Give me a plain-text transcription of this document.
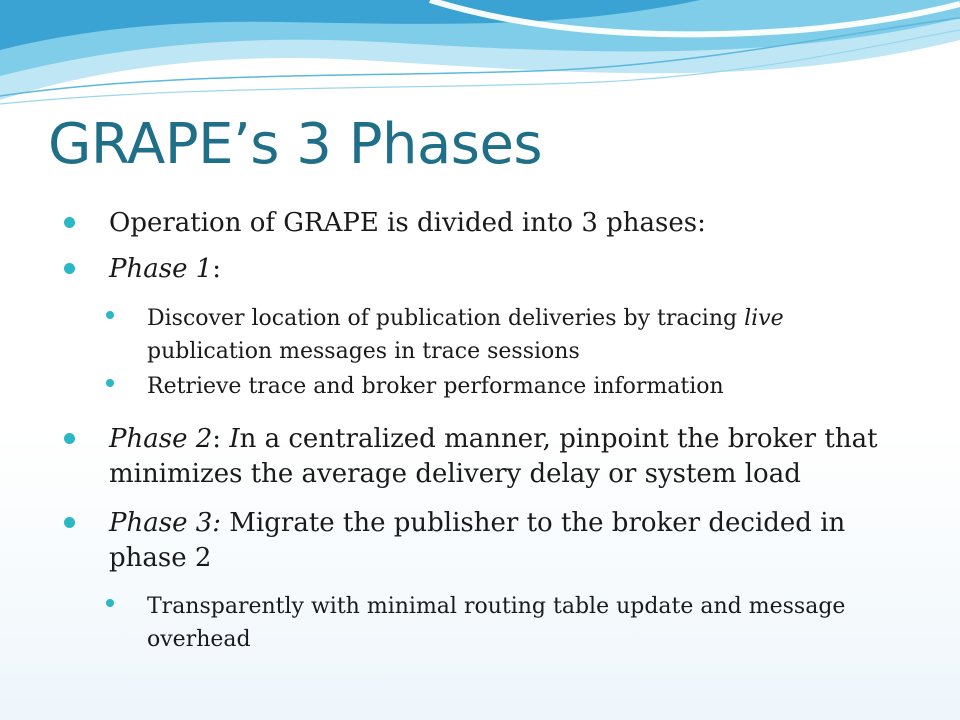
GRAPE’s 3 Phases
Operation of GRAPE is divided into 3 phases:
Phase 1:
Discover location of publication deliveries by tracing live publication messages in trace sessions
Retrieve trace and broker performance information
Phase 2: In a centralized manner, pinpoint the broker that minimizes the average delivery delay or system load
Phase 3: Migrate the publisher to the broker decided in phase 2
Transparently with minimal routing table update and message overhead
